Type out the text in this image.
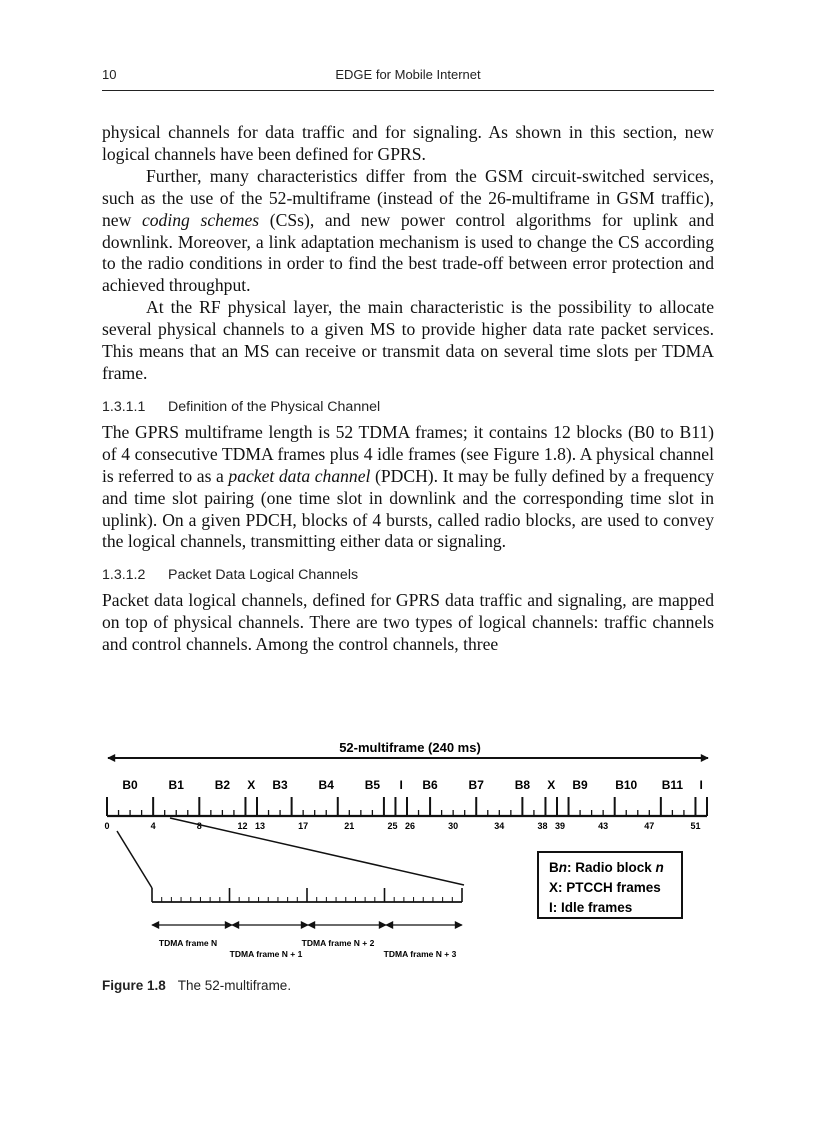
10	EDGE for Mobile Internet

physical channels for data traffic and for signaling. As shown in this section, new logical channels have been defined for GPRS.

Further, many characteristics differ from the GSM circuit-switched services, such as the use of the 52-multiframe (instead of the 26-multiframe in GSM traffic), new coding schemes (CSs), and new power control algorithms for uplink and downlink. Moreover, a link adaptation mechanism is used to change the CS according to the radio conditions in order to find the best trade-off between error protection and achieved throughput.

At the RF physical layer, the main characteristic is the possibility to allocate several physical channels to a given MS to provide higher data rate packet services. This means that an MS can receive or transmit data on several time slots per TDMA frame.

1.3.1.1 Definition of the Physical Channel

The GPRS multiframe length is 52 TDMA frames; it contains 12 blocks (B0 to B11) of 4 consecutive TDMA frames plus 4 idle frames (see Figure 1.8). A physical channel is referred to as a packet data channel (PDCH). It may be fully defined by a frequency and time slot pairing (one time slot in downlink and the corresponding time slot in uplink). On a given PDCH, blocks of 4 bursts, called radio blocks, are used to convey the logical channels, transmitting either data or signaling.

1.3.1.2 Packet Data Logical Channels

Packet data logical channels, defined for GPRS data traffic and signaling, are mapped on top of physical channels. There are two types of logical channels: traffic channels and control channels. Among the control channels, three

52-multiframe (240 ms)
B0	B1	B2 X B3	B4	B5 I B6	B7	B8 X B9 B10 B11 I
0	4	8	12 13	17	21	25 26	30	34	38 39	43	47	51
TDMA frame N
TDMA frame N + 1
TDMA frame N + 2
TDMA frame N + 3
Bn: Radio block n
X: PTCCH frames
I: Idle frames
Figure 1.8 The 52-multiframe.
